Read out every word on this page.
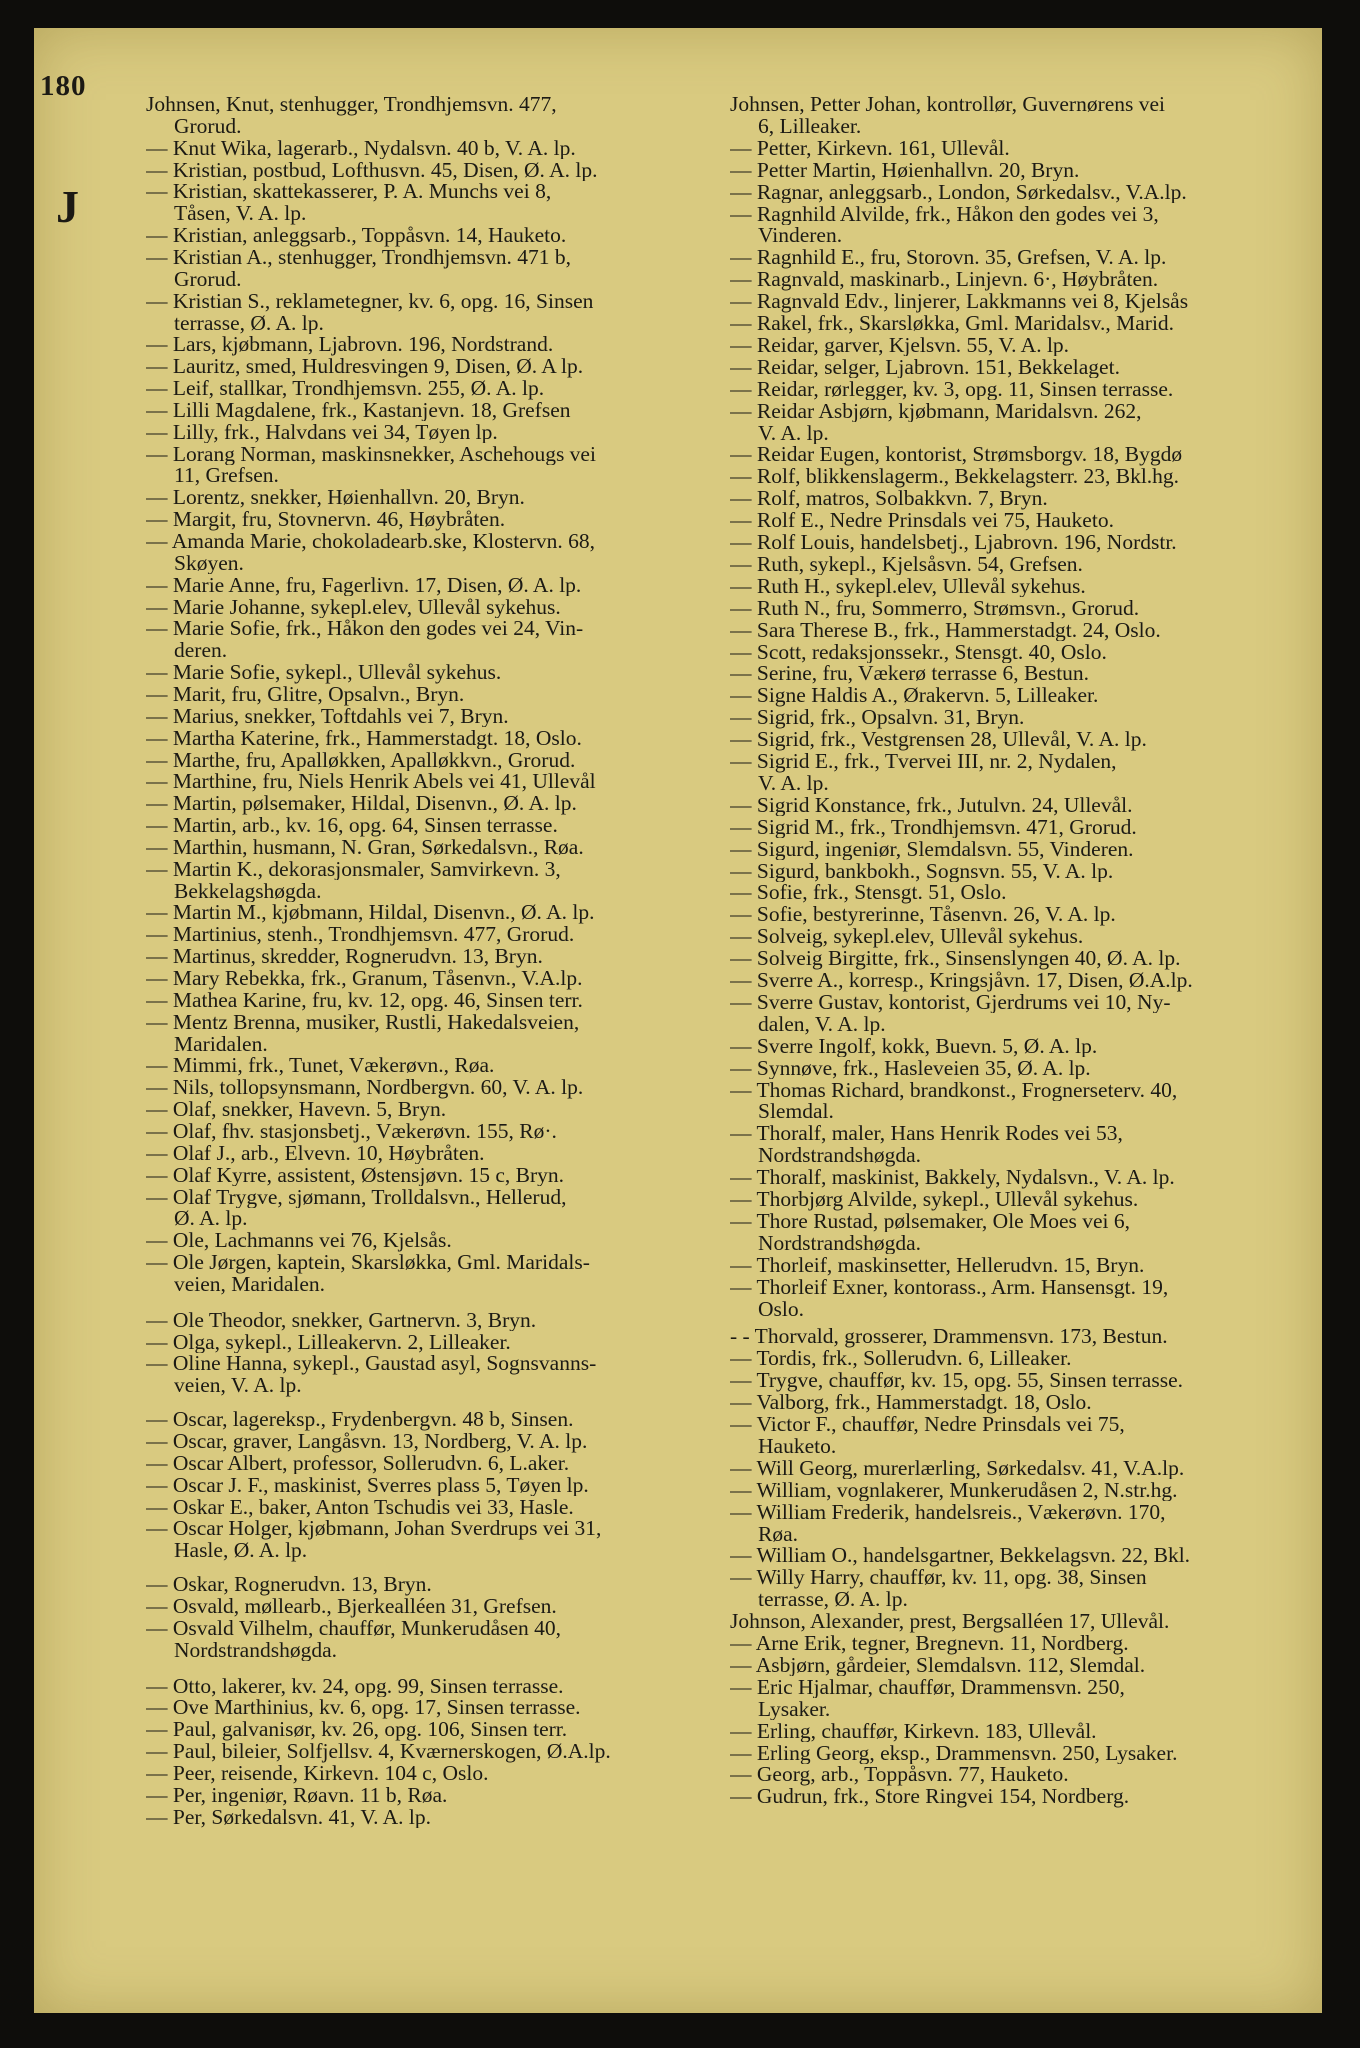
180
J
Johnsen, Knut, stenhugger, Trondhjemsvn. 477,
Grorud.
— Knut Wika, lagerarb., Nydalsvn. 40 b, V. A. lp.
— Kristian, postbud, Lofthusvn. 45, Disen, Ø. A. lp.
— Kristian, skattekasserer, P. A. Munchs vei 8,
Tåsen, V. A. lp.
— Kristian, anleggsarb., Toppåsvn. 14, Hauketo.
— Kristian A., stenhugger, Trondhjemsvn. 471 b,
Grorud.
— Kristian S., reklametegner, kv. 6, opg. 16, Sinsen
terrasse, Ø. A. lp.
— Lars, kjøbmann, Ljabrovn. 196, Nordstrand.
— Lauritz, smed, Huldresvingen 9, Disen, Ø. A lp.
— Leif, stallkar, Trondhjemsvn. 255, Ø. A. lp.
— Lilli Magdalene, frk., Kastanjevn. 18, Grefsen
— Lilly, frk., Halvdans vei 34, Tøyen lp.
— Lorang Norman, maskinsnekker, Aschehougs vei
11, Grefsen.
— Lorentz, snekker, Høienhallvn. 20, Bryn.
— Margit, fru, Stovnervn. 46, Høybråten.
— Amanda Marie, chokoladearb.ske, Klostervn. 68,
Skøyen.
— Marie Anne, fru, Fagerlivn. 17, Disen, Ø. A. lp.
— Marie Johanne, sykepl.elev, Ullevål sykehus.
— Marie Sofie, frk., Håkon den godes vei 24, Vin-
deren.
— Marie Sofie, sykepl., Ullevål sykehus.
— Marit, fru, Glitre, Opsalvn., Bryn.
— Marius, snekker, Toftdahls vei 7, Bryn.
— Martha Katerine, frk., Hammerstadgt. 18, Oslo.
— Marthe, fru, Apalløkken, Apalløkkvn., Grorud.
— Marthine, fru, Niels Henrik Abels vei 41, Ullevål
— Martin, pølsemaker, Hildal, Disenvn., Ø. A. lp.
— Martin, arb., kv. 16, opg. 64, Sinsen terrasse.
— Marthin, husmann, N. Gran, Sørkedalsvn., Røa.
— Martin K., dekorasjonsmaler, Samvirkevn. 3,
Bekkelagshøgda.
— Martin M., kjøbmann, Hildal, Disenvn., Ø. A. lp.
— Martinius, stenh., Trondhjemsvn. 477, Grorud.
— Martinus, skredder, Rognerudvn. 13, Bryn.
— Mary Rebekka, frk., Granum, Tåsenvn., V.A.lp.
— Mathea Karine, fru, kv. 12, opg. 46, Sinsen terr.
— Mentz Brenna, musiker, Rustli, Hakedalsveien,
Maridalen.
— Mimmi, frk., Tunet, Vækerøvn., Røa.
— Nils, tollopsynsmann, Nordbergvn. 60, V. A. lp.
— Olaf, snekker, Havevn. 5, Bryn.
— Olaf, fhv. stasjonsbetj., Vækerøvn. 155, Rø·.
— Olaf J., arb., Elvevn. 10, Høybråten.
— Olaf Kyrre, assistent, Østensjøvn. 15 c, Bryn.
— Olaf Trygve, sjømann, Trolldalsvn., Hellerud,
Ø. A. lp.
— Ole, Lachmanns vei 76, Kjelsås.
— Ole Jørgen, kaptein, Skarsløkka, Gml. Maridals-
veien, Maridalen.
— Ole Theodor, snekker, Gartnervn. 3, Bryn.
— Olga, sykepl., Lilleakervn. 2, Lilleaker.
— Oline Hanna, sykepl., Gaustad asyl, Sognsvanns-
veien, V. A. lp.
— Oscar, lagereksp., Frydenbergvn. 48 b, Sinsen.
— Oscar, graver, Langåsvn. 13, Nordberg, V. A. lp.
— Oscar Albert, professor, Sollerudvn. 6, L.aker.
— Oscar J. F., maskinist, Sverres plass 5, Tøyen lp.
— Oskar E., baker, Anton Tschudis vei 33, Hasle.
— Oscar Holger, kjøbmann, Johan Sverdrups vei 31,
Hasle, Ø. A. lp.
— Oskar, Rognerudvn. 13, Bryn.
— Osvald, møllearb., Bjerkealléen 31, Grefsen.
— Osvald Vilhelm, chauffør, Munkerudåsen 40,
Nordstrandshøgda.
— Otto, lakerer, kv. 24, opg. 99, Sinsen terrasse.
— Ove Marthinius, kv. 6, opg. 17, Sinsen terrasse.
— Paul, galvanisør, kv. 26, opg. 106, Sinsen terr.
— Paul, bileier, Solfjellsv. 4, Kværnerskogen, Ø.A.lp.
— Peer, reisende, Kirkevn. 104 c, Oslo.
— Per, ingeniør, Røavn. 11 b, Røa.
— Per, Sørkedalsvn. 41, V. A. lp.
Johnsen, Petter Johan, kontrollør, Guvernørens vei
6, Lilleaker.
— Petter, Kirkevn. 161, Ullevål.
— Petter Martin, Høienhallvn. 20, Bryn.
— Ragnar, anleggsarb., London, Sørkedalsv., V.A.lp.
— Ragnhild Alvilde, frk., Håkon den godes vei 3,
Vinderen.
— Ragnhild E., fru, Storovn. 35, Grefsen, V. A. lp.
— Ragnvald, maskinarb., Linjevn. 6·, Høybråten.
— Ragnvald Edv., linjerer, Lakkmanns vei 8, Kjelsås
— Rakel, frk., Skarsløkka, Gml. Maridalsv., Marid.
— Reidar, garver, Kjelsvn. 55, V. A. lp.
— Reidar, selger, Ljabrovn. 151, Bekkelaget.
— Reidar, rørlegger, kv. 3, opg. 11, Sinsen terrasse.
— Reidar Asbjørn, kjøbmann, Maridalsvn. 262,
V. A. lp.
— Reidar Eugen, kontorist, Strømsborgv. 18, Bygdø
— Rolf, blikkenslagerm., Bekkelagsterr. 23, Bkl.hg.
— Rolf, matros, Solbakkvn. 7, Bryn.
— Rolf E., Nedre Prinsdals vei 75, Hauketo.
— Rolf Louis, handelsbetj., Ljabrovn. 196, Nordstr.
— Ruth, sykepl., Kjelsåsvn. 54, Grefsen.
— Ruth H., sykepl.elev, Ullevål sykehus.
— Ruth N., fru, Sommerro, Strømsvn., Grorud.
— Sara Therese B., frk., Hammerstadgt. 24, Oslo.
— Scott, redaksjonssekr., Stensgt. 40, Oslo.
— Serine, fru, Vækerø terrasse 6, Bestun.
— Signe Haldis A., Ørakervn. 5, Lilleaker.
— Sigrid, frk., Opsalvn. 31, Bryn.
— Sigrid, frk., Vestgrensen 28, Ullevål, V. A. lp.
— Sigrid E., frk., Tvervei III, nr. 2, Nydalen,
V. A. lp.
— Sigrid Konstance, frk., Jutulvn. 24, Ullevål.
— Sigrid M., frk., Trondhjemsvn. 471, Grorud.
— Sigurd, ingeniør, Slemdalsvn. 55, Vinderen.
— Sigurd, bankbokh., Sognsvn. 55, V. A. lp.
— Sofie, frk., Stensgt. 51, Oslo.
— Sofie, bestyrerinne, Tåsenvn. 26, V. A. lp.
— Solveig, sykepl.elev, Ullevål sykehus.
— Solveig Birgitte, frk., Sinsenslyngen 40, Ø. A. lp.
— Sverre A., korresp., Kringsjåvn. 17, Disen, Ø.A.lp.
— Sverre Gustav, kontorist, Gjerdrums vei 10, Ny-
dalen, V. A. lp.
— Sverre Ingolf, kokk, Buevn. 5, Ø. A. lp.
— Synnøve, frk., Hasleveien 35, Ø. A. lp.
— Thomas Richard, brandkonst., Frognerseterv. 40,
Slemdal.
— Thoralf, maler, Hans Henrik Rodes vei 53,
Nordstrandshøgda.
— Thoralf, maskinist, Bakkely, Nydalsvn., V. A. lp.
— Thorbjørg Alvilde, sykepl., Ullevål sykehus.
— Thore Rustad, pølsemaker, Ole Moes vei 6,
Nordstrandshøgda.
— Thorleif, maskinsetter, Hellerudvn. 15, Bryn.
— Thorleif Exner, kontorass., Arm. Hansensgt. 19,
Oslo.
- - Thorvald, grosserer, Drammensvn. 173, Bestun.
— Tordis, frk., Sollerudvn. 6, Lilleaker.
— Trygve, chauffør, kv. 15, opg. 55, Sinsen terrasse.
— Valborg, frk., Hammerstadgt. 18, Oslo.
— Victor F., chauffør, Nedre Prinsdals vei 75,
Hauketo.
— Will Georg, murerlærling, Sørkedalsv. 41, V.A.lp.
— William, vognlakerer, Munkerudåsen 2, N.str.hg.
— William Frederik, handelsreis., Vækerøvn. 170,
Røa.
— William O., handelsgartner, Bekkelagsvn. 22, Bkl.
— Willy Harry, chauffør, kv. 11, opg. 38, Sinsen
terrasse, Ø. A. lp.
Johnson, Alexander, prest, Bergsalléen 17, Ullevål.
— Arne Erik, tegner, Bregnevn. 11, Nordberg.
— Asbjørn, gårdeier, Slemdalsvn. 112, Slemdal.
— Eric Hjalmar, chauffør, Drammensvn. 250,
Lysaker.
— Erling, chauffør, Kirkevn. 183, Ullevål.
— Erling Georg, eksp., Drammensvn. 250, Lysaker.
— Georg, arb., Toppåsvn. 77, Hauketo.
— Gudrun, frk., Store Ringvei 154, Nordberg.
